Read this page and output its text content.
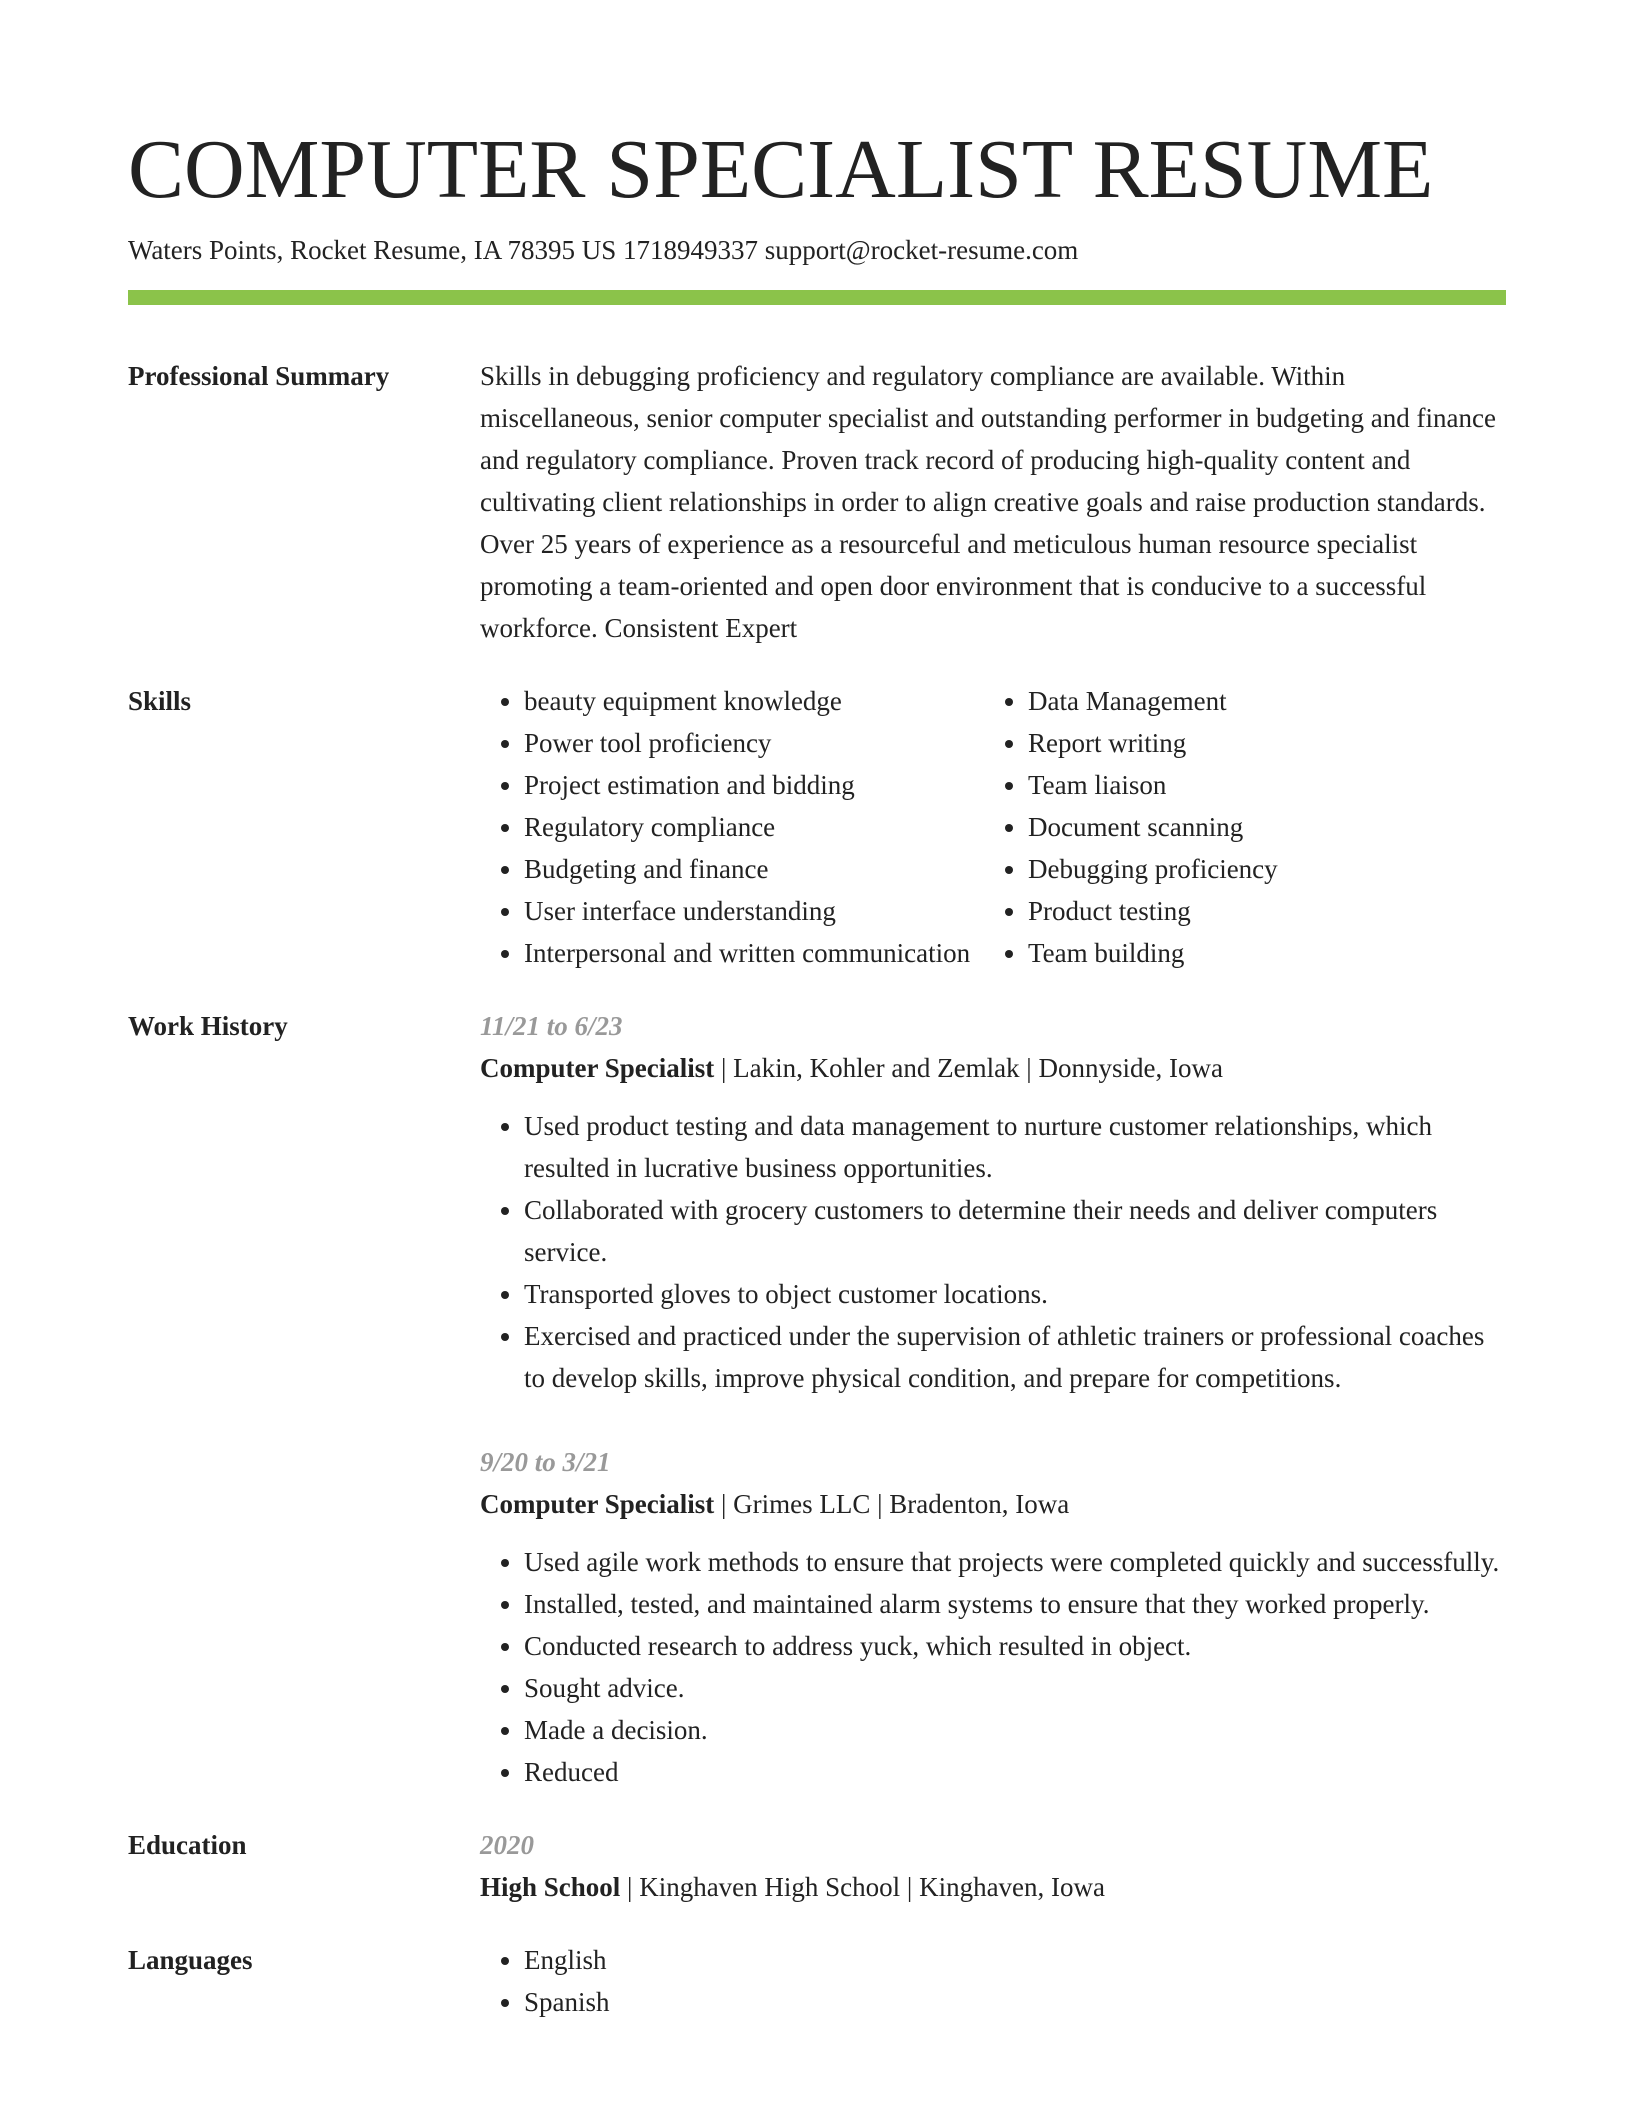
COMPUTER SPECIALIST RESUME
Waters Points, Rocket Resume, IA 78395 US 1718949337 support@rocket-resume.com
Professional Summary	Skills in debugging proficiency and regulatory compliance are available. Within miscellaneous, senior computer specialist and outstanding performer in budgeting and finance and regulatory compliance. Proven track record of producing high-quality content and cultivating client relationships in order to align creative goals and raise production standards. Over 25 years of experience as a resourceful and meticulous human resource specialist promoting a team-oriented and open door environment that is conducive to a successful workforce. Consistent Expert
Skills	• beauty equipment knowledge
• Power tool proficiency
• Project estimation and bidding
• Regulatory compliance
• Budgeting and finance
• User interface understanding
• Interpersonal and written communication
• Data Management
• Report writing
• Team liaison
• Document scanning
• Debugging proficiency
• Product testing
• Team building
Work History	11/21 to 6/23
Computer Specialist | Lakin, Kohler and Zemlak | Donnyside, Iowa
• Used product testing and data management to nurture customer relationships, which resulted in lucrative business opportunities.
• Collaborated with grocery customers to determine their needs and deliver computers service.
• Transported gloves to object customer locations.
• Exercised and practiced under the supervision of athletic trainers or professional coaches to develop skills, improve physical condition, and prepare for competitions.
9/20 to 3/21
Computer Specialist | Grimes LLC | Bradenton, Iowa
• Used agile work methods to ensure that projects were completed quickly and successfully.
• Installed, tested, and maintained alarm systems to ensure that they worked properly.
• Conducted research to address yuck, which resulted in object.
• Sought advice.
• Made a decision.
• Reduced
Education	2020
High School | Kinghaven High School | Kinghaven, Iowa
Languages	• English
• Spanish
